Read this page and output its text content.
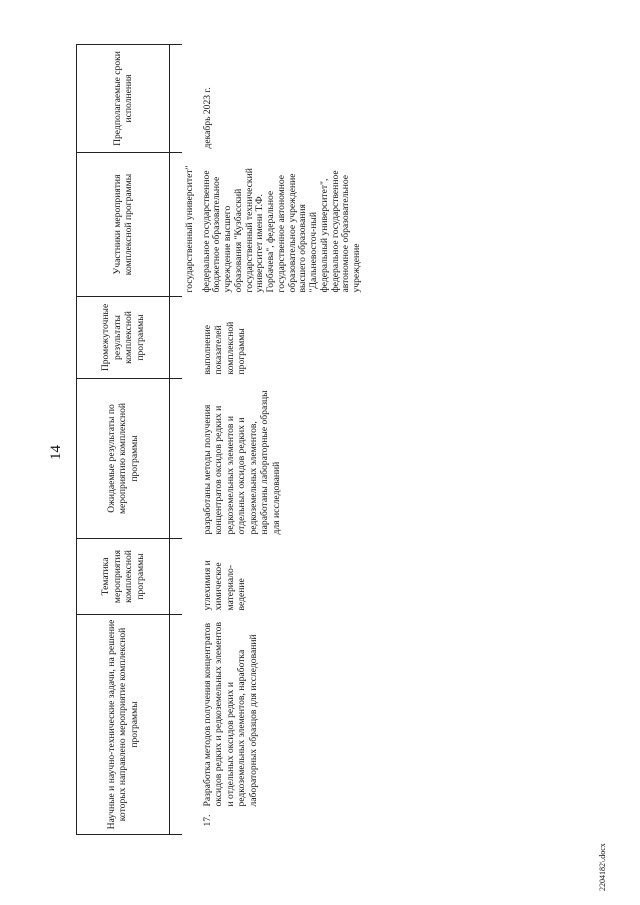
14
Научные и научно-технические задачи, на решение которых направлено мероприятие комплексной программы		Тематика мероприятия комплексной программы	Ожидаемые результаты по мероприятию комплексной программы	Промежуточные результаты комплексной программы	Участники мероприятия комплексной программы	Предполагаемые сроки исполнения

					государственный университет"	
17.	Разработка методов получения концентратов оксидов редких и редкоземельных элементов и отдельных оксидов редких и редкоземельных элементов, наработка лабораторных образцов для исследований	углехимия и химическое материало-ведение	разработаны методы получения концентратов оксидов редких и редкоземельных элементов и отдельных оксидов редких и редкоземельных элементов, наработаны лабораторные образцы для исследований	выполнение показателей комплексной программы	федеральное государственное бюджетное образовательное учреждение высшего образования "Кузбасский государственный технический университет имени Т.Ф. Горбачева", федеральное государственное автономное образовательное учреждение высшего образования "Дальневосточ-ный федеральный университет", федеральное государственное автономное образовательное учреждение	декабрь 2023 г.
2204182\.docx
